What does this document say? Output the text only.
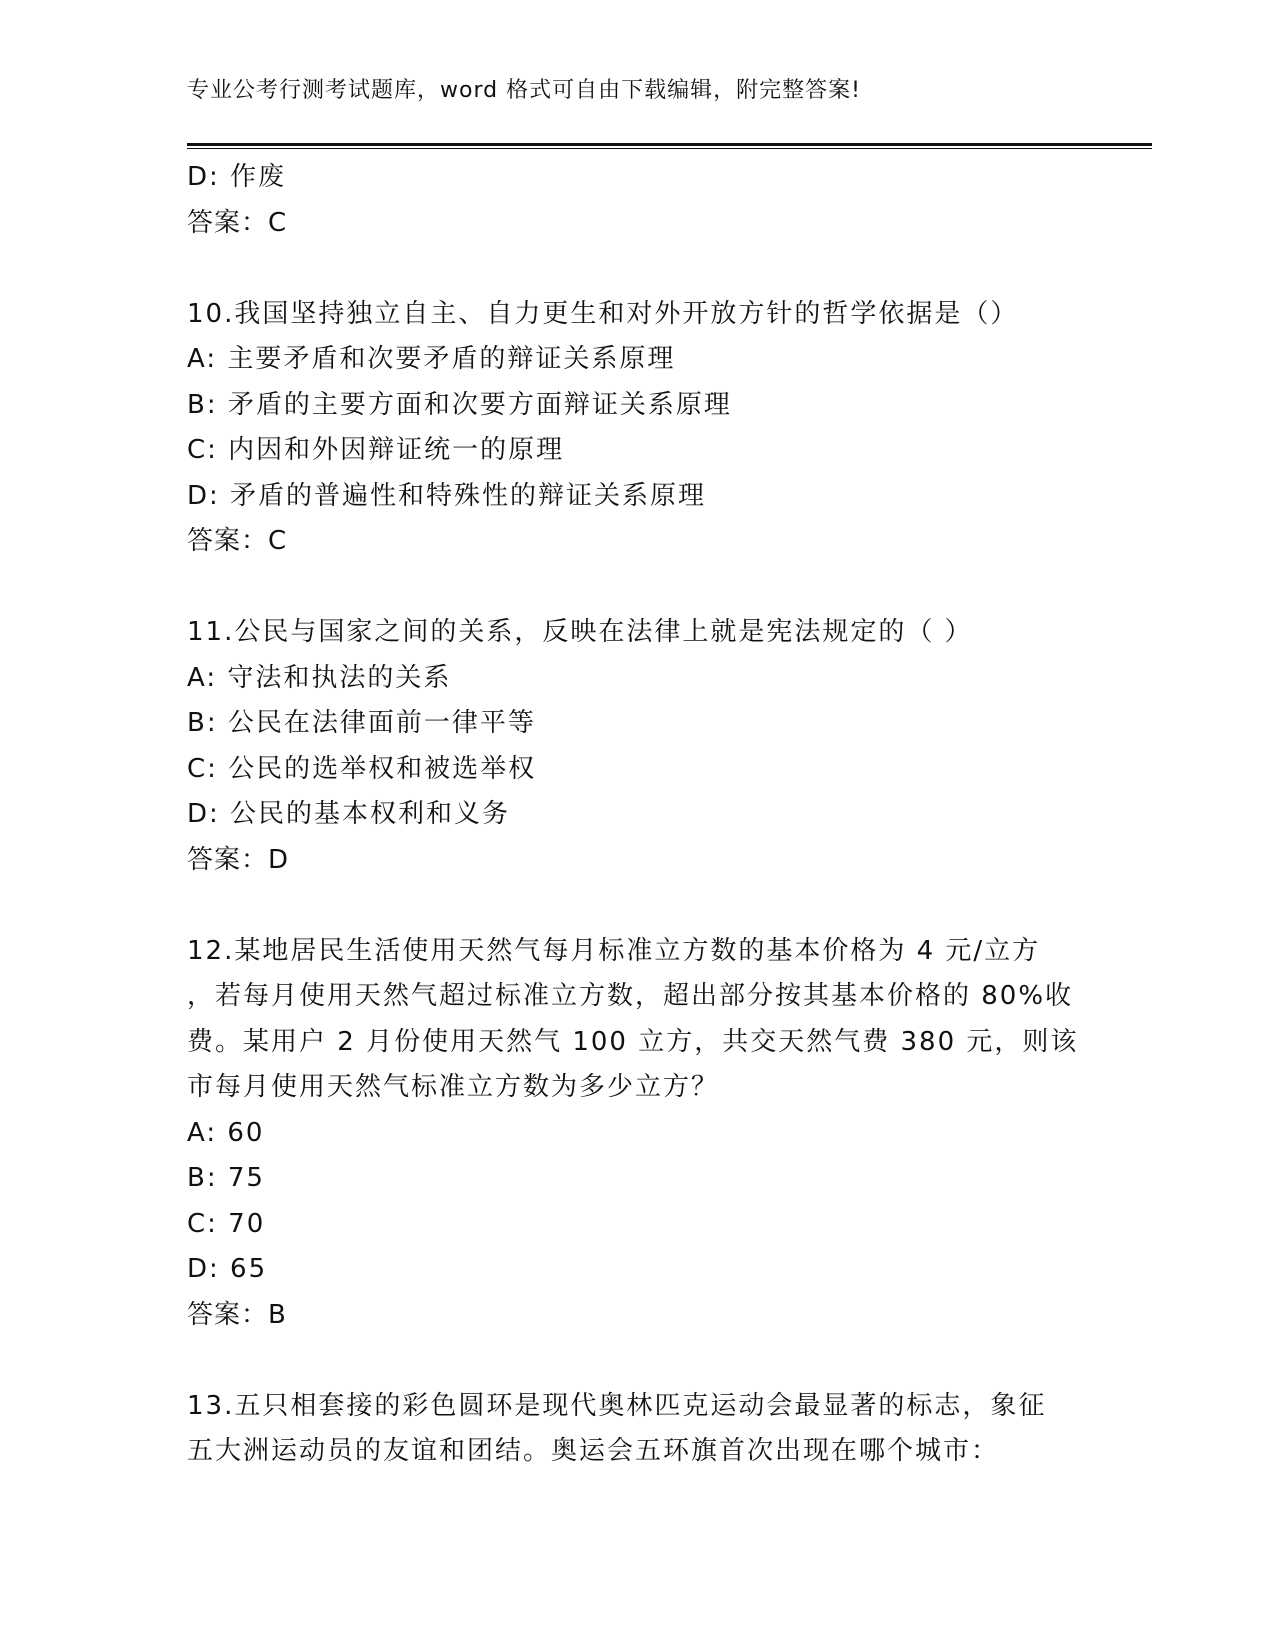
专业公考行测考试题库，word 格式可自由下载编辑，附完整答案!
D: 作废
答案：C
10.我国坚持独立自主、自力更生和对外开放方针的哲学依据是（）
A: 主要矛盾和次要矛盾的辩证关系原理
B: 矛盾的主要方面和次要方面辩证关系原理
C: 内因和外因辩证统一的原理
D: 矛盾的普遍性和特殊性的辩证关系原理
答案：C
11.公民与国家之间的关系，反映在法律上就是宪法规定的（ ）
A: 守法和执法的关系
B: 公民在法律面前一律平等
C: 公民的选举权和被选举权
D: 公民的基本权利和义务
答案：D
12.某地居民生活使用天然气每月标准立方数的基本价格为 4 元/立方
，若每月使用天然气超过标准立方数，超出部分按其基本价格的 80%收
费。某用户 2 月份使用天然气 100 立方，共交天然气费 380 元，则该
市每月使用天然气标准立方数为多少立方？
A: 60
B: 75
C: 70
D: 65
答案：B
13.五只相套接的彩色圆环是现代奥林匹克运动会最显著的标志，象征
五大洲运动员的友谊和团结。奥运会五环旗首次出现在哪个城市：
